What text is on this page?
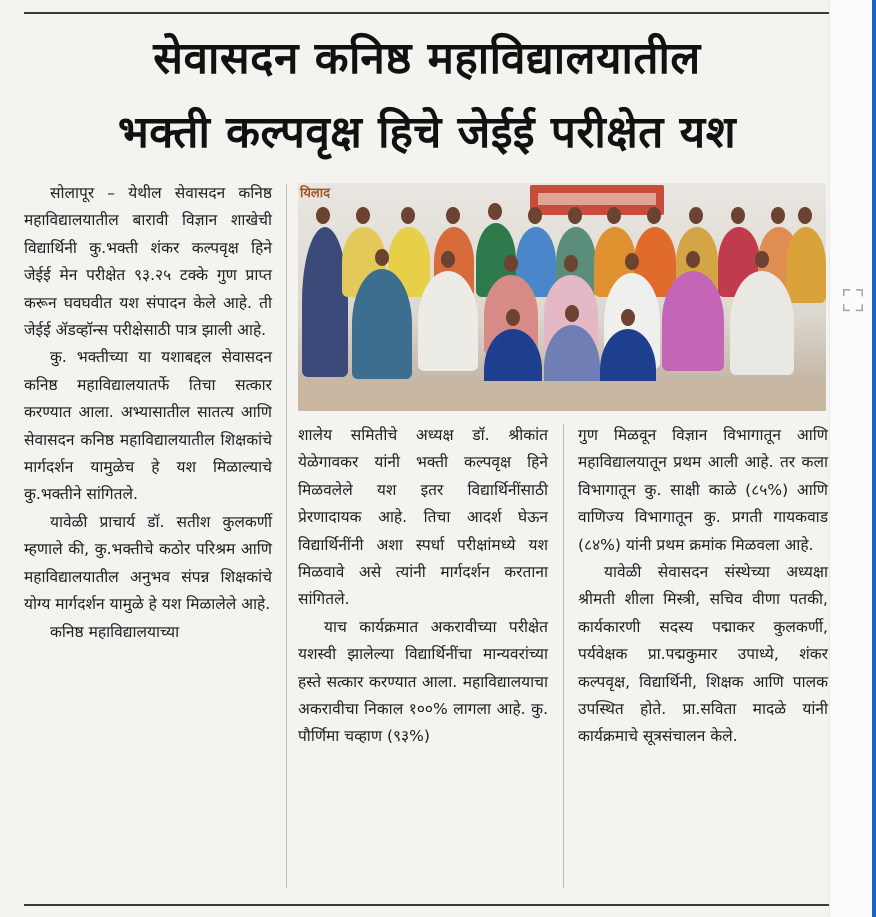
सेवासदन कनिष्ठ महाविद्यालयातील
भक्ती कल्पवृक्ष हिचे जेईई परीक्षेत यश

सोलापूर – येथील सेवासदन कनिष्ठ महाविद्यालयातील बारावी विज्ञान शाखेची विद्यार्थिनी कु.भक्ती शंकर कल्पवृक्ष हिने जेईई मेन परीक्षेत ९३.२५ टक्के गुण प्राप्त करून घवघवीत यश संपादन केले आहे. ती जेईई ॲडव्हॉन्स परीक्षेसाठी पात्र झाली आहे.

कु. भक्तीच्या या यशाबद्दल सेवासदन कनिष्ठ महाविद्यालयातर्फे तिचा सत्कार करण्यात आला. अभ्यासातील सातत्य आणि सेवासदन कनिष्ठ महाविद्यालयातील शिक्षकांचे मार्गदर्शन यामुळेच हे यश मिळाल्याचे कु.भक्तीने सांगितले.

यावेळी प्राचार्य डॉ. सतीश कुलकर्णी म्हणाले की, कु.भक्तीचे कठोर परिश्रम आणि महाविद्यालयातील अनुभव संपन्न शिक्षकांचे योग्य मार्गदर्शन यामुळे हे यश मिळालेले आहे.

कनिष्ठ महाविद्यालयाच्या

यिलाद

शालेय समितीचे अध्यक्ष डॉ. श्रीकांत येळेगावकर यांनी भक्ती कल्पवृक्ष हिने मिळवलेले यश इतर विद्यार्थिनींसाठी प्रेरणादायक आहे. तिचा आदर्श घेऊन विद्यार्थिनींनी अशा स्पर्धा परीक्षांमध्ये यश मिळवावे असे त्यांनी मार्गदर्शन करताना सांगितले.

याच कार्यक्रमात अकरावीच्या परीक्षेत यशस्वी झालेल्या विद्यार्थिनींचा मान्यवरांच्या हस्ते सत्कार करण्यात आला. महाविद्यालयाचा अकरावीचा निकाल १००% लागला आहे. कु. पौर्णिमा चव्हाण (९३%)

गुण मिळवून विज्ञान विभागातून आणि महाविद्यालयातून प्रथम आली आहे. तर कला विभागातून कु. साक्षी काळे (८५%) आणि वाणिज्य विभागातून कु. प्रगती गायकवाड (८४%) यांनी प्रथम क्रमांक मिळवला आहे.

यावेळी सेवासदन संस्थेच्या अध्यक्षा श्रीमती शीला मिस्त्री, सचिव वीणा पतकी, कार्यकारणी सदस्य पद्माकर कुलकर्णी, पर्यवेक्षक प्रा.पद्मकुमार उपाध्ये, शंकर कल्पवृक्ष, विद्यार्थिनी, शिक्षक आणि पालक उपस्थित होते. प्रा.सविता मादळे यांनी कार्यक्रमाचे सूत्रसंचालन केले.

⛶
